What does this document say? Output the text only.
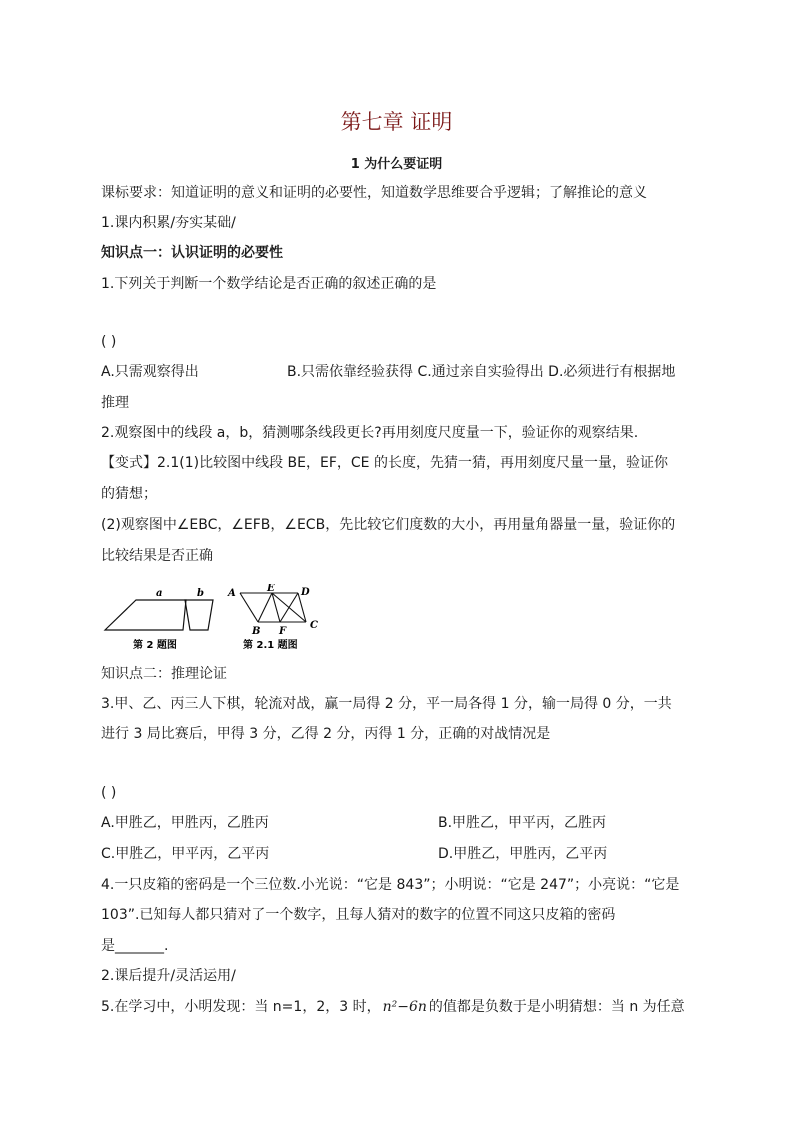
第七章 证明
1 为什么要证明
课标要求：知道证明的意义和证明的必要性，知道数学思维要合乎逻辑；了解推论的意义
1.课内积累/夯实某础/
知识点一：认识证明的必要性
1.下列关于判断一个数学结论是否正确的叙述正确的是
( )
A.只需观察得出	B.只需依靠经验获得 C.通过亲自实验得出 D.必须进行有根据地
推理
2.观察图中的线段 a，b，猜测哪条线段更长?再用刻度尺度量一下，验证你的观察结果.
【变式】2.1(1)比较图中线段 BE，EF，CE 的长度，先猜一猜，再用刻度尺量一量，验证你
的猜想；
(2)观察图中∠EBC，∠EFB，∠ECB，先比较它们度数的大小，再用量角器量一量，验证你的
比较结果是否正确
a	b
第 2 题图
A
B
C
D
E
F
第 2.1 题图
知识点二：推理论证
3.甲、乙、丙三人下棋，轮流对战，赢一局得 2 分，平一局各得 1 分，输一局得 0 分，一共
进行 3 局比赛后，甲得 3 分，乙得 2 分，丙得 1 分，正确的对战情况是
( )
A.甲胜乙，甲胜丙，乙胜丙	B.甲胜乙，甲平丙，乙胜丙
C.甲胜乙，甲平丙，乙平丙	D.甲胜乙，甲胜丙，乙平丙
4.一只皮箱的密码是一个三位数.小光说：“它是 843”；小明说：“它是 247”；小亮说：“它是
103”.已知每人都只猜对了一个数字，且每人猜对的数字的位置不同这只皮箱的密码
是_______.
2.课后提升/灵活运用/
5.在学习中，小明发现：当 n=1，2，3 时， n²−6n 的值都是负数于是小明猜想：当 n 为任意
